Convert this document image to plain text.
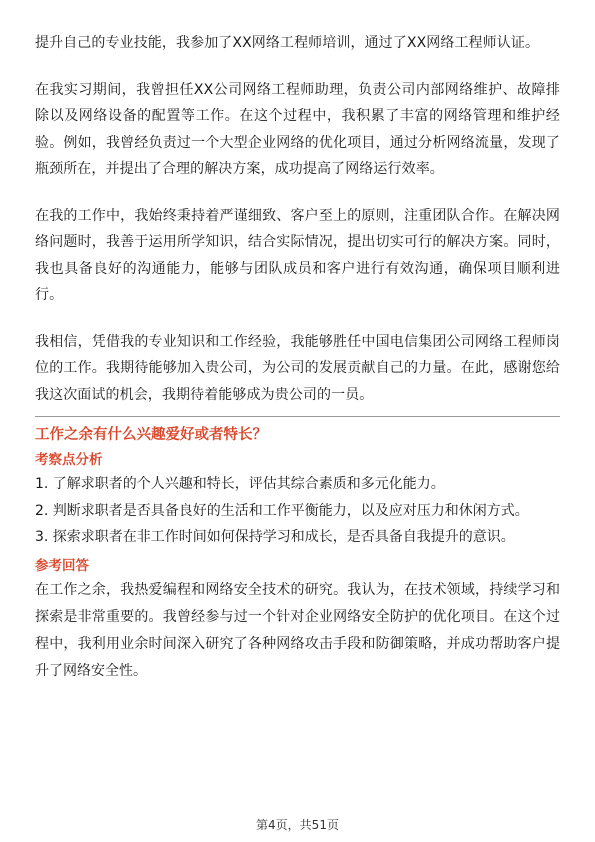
提升自己的专业技能，我参加了XX网络工程师培训，通过了XX网络工程师认证。

在我实习期间，我曾担任XX公司网络工程师助理，负责公司内部网络维护、故障排除以及网络设备的配置等工作。在这个过程中，我积累了丰富的网络管理和维护经验。例如，我曾经负责过一个大型企业网络的优化项目，通过分析网络流量，发现了瓶颈所在，并提出了合理的解决方案，成功提高了网络运行效率。

在我的工作中，我始终秉持着严谨细致、客户至上的原则，注重团队合作。在解决网络问题时，我善于运用所学知识，结合实际情况，提出切实可行的解决方案。同时，我也具备良好的沟通能力，能够与团队成员和客户进行有效沟通，确保项目顺利进行。

我相信，凭借我的专业知识和工作经验，我能够胜任中国电信集团公司网络工程师岗位的工作。我期待能够加入贵公司，为公司的发展贡献自己的力量。在此，感谢您给我这次面试的机会，我期待着能够成为贵公司的一员。

工作之余有什么兴趣爱好或者特长？
考察点分析
1. 了解求职者的个人兴趣和特长，评估其综合素质和多元化能力。
2. 判断求职者是否具备良好的生活和工作平衡能力，以及应对压力和休闲方式。
3. 探索求职者在非工作时间如何保持学习和成长，是否具备自我提升的意识。
参考回答

在工作之余，我热爱编程和网络安全技术的研究。我认为，在技术领域，持续学习和探索是非常重要的。我曾经参与过一个针对企业网络安全防护的优化项目。在这个过程中，我利用业余时间深入研究了各种网络攻击手段和防御策略，并成功帮助客户提升了网络安全性。

第4页，共51页
